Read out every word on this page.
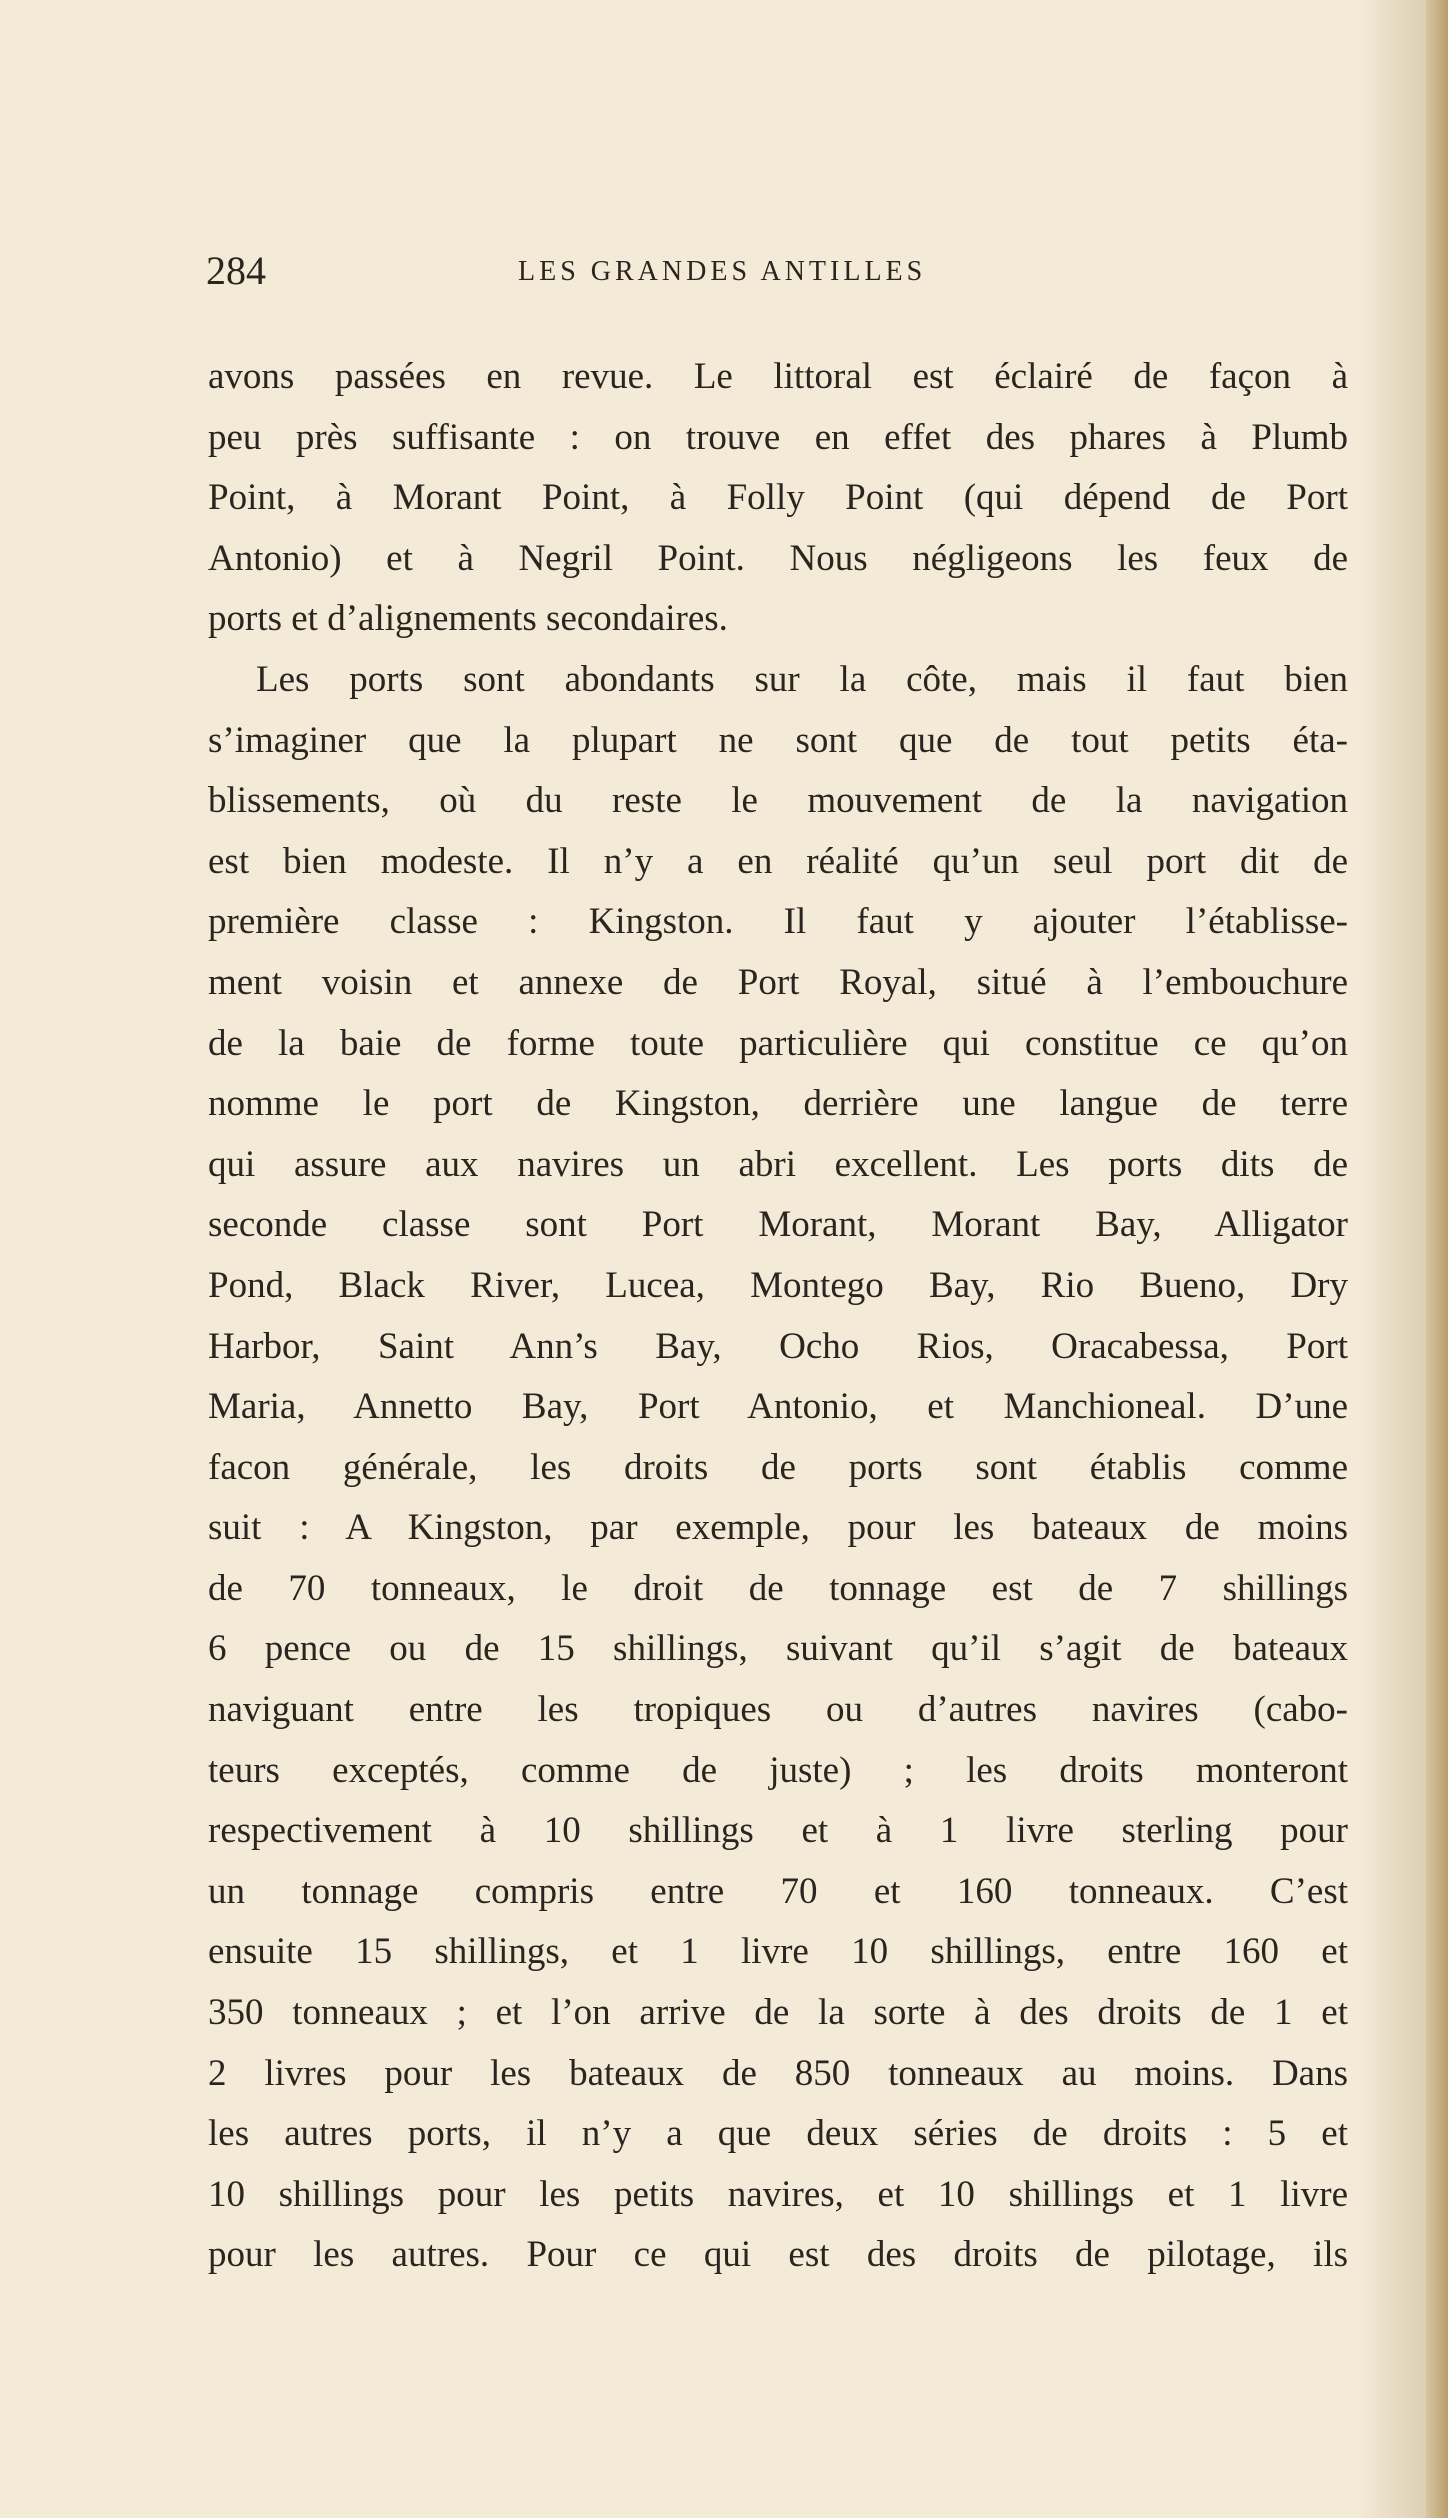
284	LES GRANDES ANTILLES
avons passées en revue. Le littoral est éclairé de façon à
peu près suffisante : on trouve en effet des phares à Plumb
Point, à Morant Point, à Folly Point (qui dépend de Port
Antonio) et à Negril Point. Nous négligeons les feux de
ports et d’alignements secondaires.
Les ports sont abondants sur la côte, mais il faut bien
s’imaginer que la plupart ne sont que de tout petits éta-
blissements, où du reste le mouvement de la navigation
est bien modeste. Il n’y a en réalité qu’un seul port dit de
première classe : Kingston. Il faut y ajouter l’établisse-
ment voisin et annexe de Port Royal, situé à l’embouchure
de la baie de forme toute particulière qui constitue ce qu’on
nomme le port de Kingston, derrière une langue de terre
qui assure aux navires un abri excellent. Les ports dits de
seconde classe sont Port Morant, Morant Bay, Alligator
Pond, Black River, Lucea, Montego Bay, Rio Bueno, Dry
Harbor, Saint Ann’s Bay, Ocho Rios, Oracabessa, Port
Maria, Annetto Bay, Port Antonio, et Manchioneal. D’une
facon générale, les droits de ports sont établis comme
suit : A Kingston, par exemple, pour les bateaux de moins
de 70 tonneaux, le droit de tonnage est de 7 shillings
6 pence ou de 15 shillings, suivant qu’il s’agit de bateaux
naviguant entre les tropiques ou d’autres navires (cabo-
teurs exceptés, comme de juste) ; les droits monteront
respectivement à 10 shillings et à 1 livre sterling pour
un tonnage compris entre 70 et 160 tonneaux. C’est
ensuite 15 shillings, et 1 livre 10 shillings, entre 160 et
350 tonneaux ; et l’on arrive de la sorte à des droits de 1 et
2 livres pour les bateaux de 850 tonneaux au moins. Dans
les autres ports, il n’y a que deux séries de droits : 5 et
10 shillings pour les petits navires, et 10 shillings et 1 livre
pour les autres. Pour ce qui est des droits de pilotage, ils
